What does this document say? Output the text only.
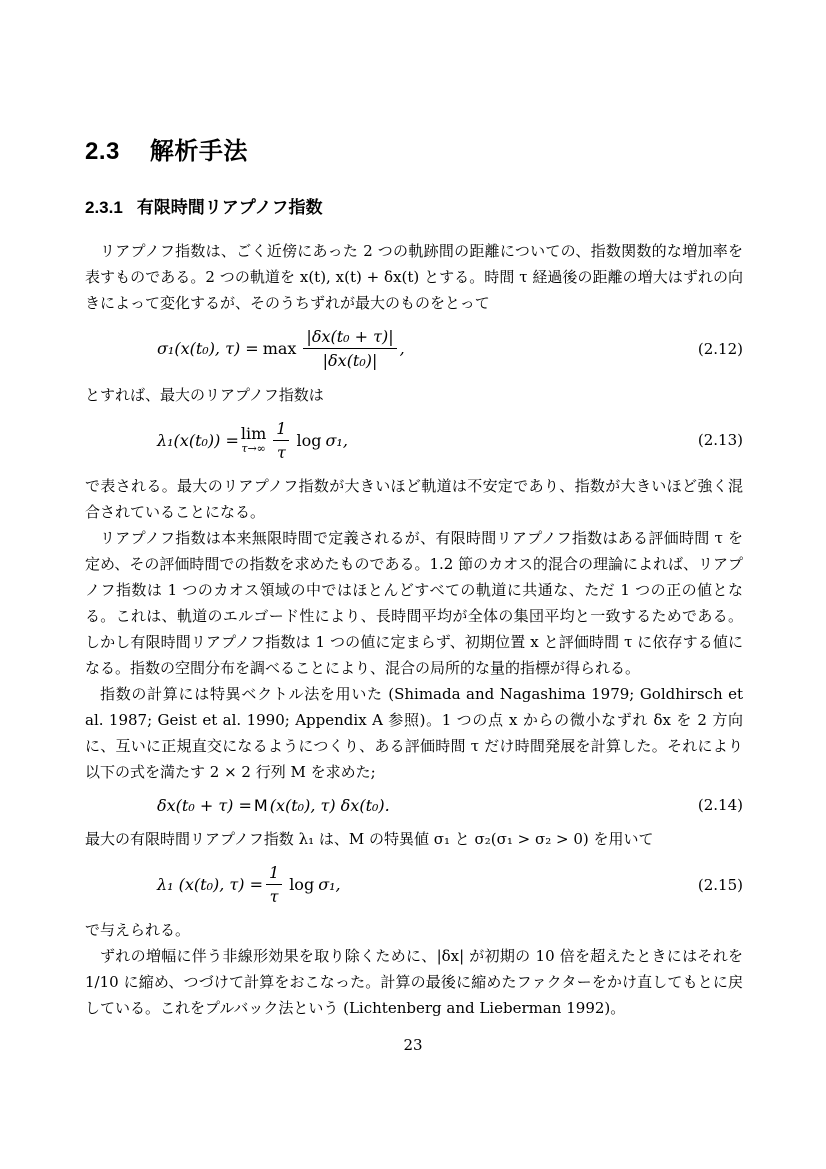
2.3 解析手法
2.3.1 有限時間リアプノフ指数

リアプノフ指数は、ごく近傍にあった 2 つの軌跡間の距離についての、指数関数的な増加率を表すものである。2 つの軌道を x(t), x(t) + δx(t) とする。時間 τ 経過後の距離の増大はずれの向きによって変化するが、そのうちずれが最大のものをとって

σ₁(x(t₀), $\tau) = \max \frac{\text{|δx(t₀ + τ)|}}{\text{|δx(t₀)|}}$ ,	(2.12)

とすれば、最大のリアプノフ指数は

λ₁(x(t₀)) = lim
$\tau\to\infty \frac{1}{\tau}$ log σ₁,	(2.13)

で表される。最大のリアプノフ指数が大きいほど軌道は不安定であり、指数が大きいほど強く混合されていることになる。

リアプノフ指数は本来無限時間で定義されるが、有限時間リアプノフ指数はある評価時間 τ を定め、その評価時間での指数を求めたものである。1.2 節のカオス的混合の理論によれば、リアプノフ指数は 1 つのカオス領域の中ではほとんどすべての軌道に共通な、ただ 1 つの正の値となる。これは、軌道のエルゴード性により、長時間平均が全体の集団平均と一致するためである。しかし有限時間リアプノフ指数は 1 つの値に定まらず、初期位置 x と評価時間 τ に依存する値になる。指数の空間分布を調べることにより、混合の局所的な量的指標が得られる。

指数の計算には特異ベクトル法を用いた (Shimada and Nagashima 1979; Goldhirsch et al. 1987; Geist et al. 1990; Appendix A 参照)。1 つの点 x からの微小なずれ δx を 2 方向に、互いに正規直交になるようにつくり、ある評価時間 τ だけ時間発展を計算した。それにより以下の式を満たす 2 × 2 行列 M を求めた;

δx(t₀ + τ) = M (x(t₀), τ) δx(t₀).	(2.14)

最大の有限時間リアプノフ指数 λ₁ は、M の特異値 σ₁ と σ₂(σ₁ > σ₂ > 0) を用いて

λ₁ (x(t₀), $\tau) = \frac{1}{\tau}$ log σ₁,	(2.15)

で与えられる。

ずれの増幅に伴う非線形効果を取り除くために、|δx| が初期の 10 倍を超えたときにはそれを 1/10 に縮め、つづけて計算をおこなった。計算の最後に縮めたファクターをかけ直してもとに戻している。これをプルバック法という (Lichtenberg and Lieberman 1992)。

23
